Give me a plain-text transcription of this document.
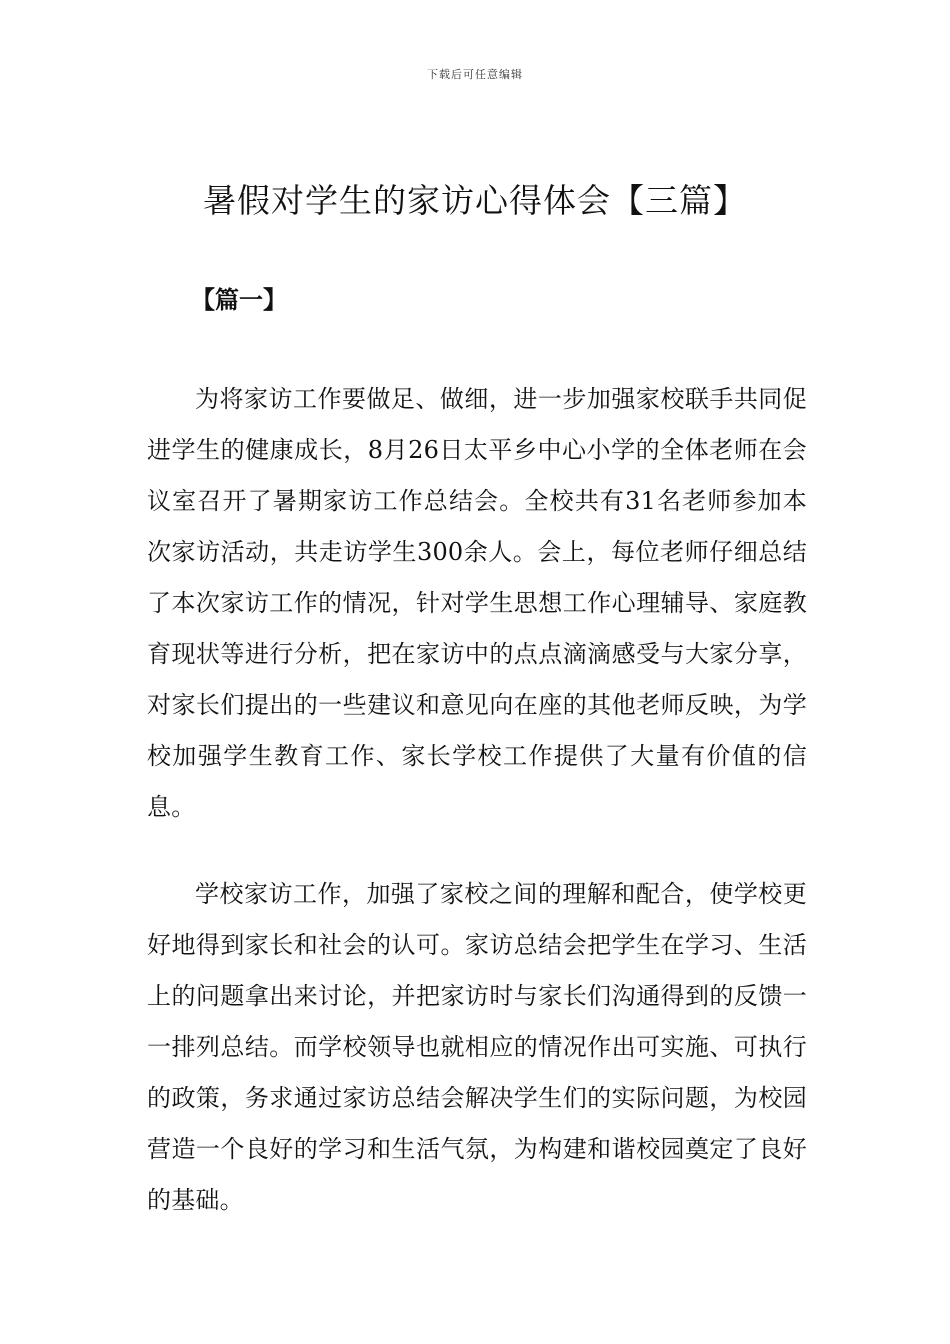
下载后可任意编辑
暑假对学生的家访心得体会【三篇】
【篇一】

为将家访工作要做足、做细，进一步加强家校联手共同促进学生的健康成长，8月26日太平乡中心小学的全体老师在会议室召开了暑期家访工作总结会。全校共有31名老师参加本次家访活动，共走访学生300余人。会上，每位老师仔细总结了本次家访工作的情况，针对学生思想工作心理辅导、家庭教育现状等进行分析，把在家访中的点点滴滴感受与大家分享，对家长们提出的一些建议和意见向在座的其他老师反映，为学校加强学生教育工作、家长学校工作提供了大量有价值的信息。

学校家访工作，加强了家校之间的理解和配合，使学校更好地得到家长和社会的认可。家访总结会把学生在学习、生活上的问题拿出来讨论，并把家访时与家长们沟通得到的反馈一一排列总结。而学校领导也就相应的情况作出可实施、可执行的政策，务求通过家访总结会解决学生们的实际问题，为校园营造一个良好的学习和生活气氛，为构建和谐校园奠定了良好的基础。
